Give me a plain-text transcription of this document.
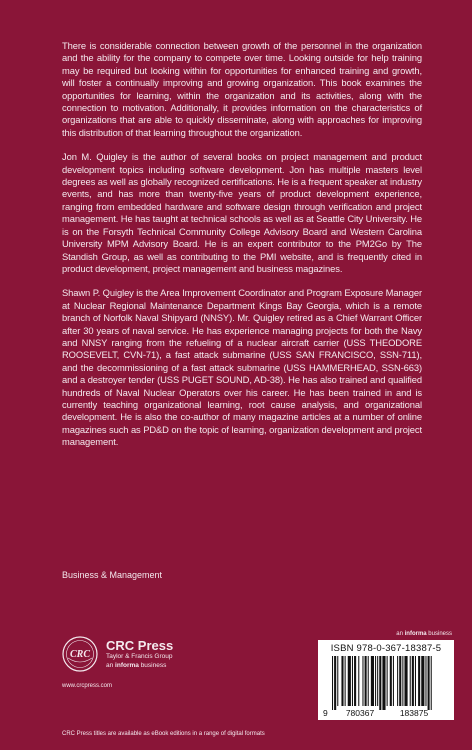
There is considerable connection between growth of the personnel in the organization and the ability for the company to compete over time. Looking outside for help training may be required but looking within for opportunities for enhanced training and growth, will foster a continually improving and growing organization. This book examines the opportunities for learning, within the organization and its activities, along with the connection to motivation. Additionally, it provides information on the characteristics of organizations that are able to quickly disseminate, along with approaches for improving this distribution of that learning throughout the organization.

Jon M. Quigley is the author of several books on project management and product development topics including software development. Jon has multiple masters level degrees as well as globally recognized certifications. He is a frequent speaker at industry events, and has more than twenty-five years of product development experience, ranging from embedded hardware and software design through verification and project management. He has taught at technical schools as well as at Seattle City University. He is on the Forsyth Technical Community College Advisory Board and Western Carolina University MPM Advisory Board. He is an expert contributor to the PM2Go by The Standish Group, as well as contributing to the PMI website, and is frequently cited in product development, project management and business magazines.

Shawn P. Quigley is the Area Improvement Coordinator and Program Exposure Manager at Nuclear Regional Maintenance Department Kings Bay Georgia, which is a remote branch of Norfolk Naval Shipyard (NNSY). Mr. Quigley retired as a Chief Warrant Officer after 30 years of naval service. He has experience managing projects for both the Navy and NNSY ranging from the refueling of a nuclear aircraft carrier (USS THEODORE ROOSEVELT, CVN-71), a fast attack submarine (USS SAN FRANCISCO, SSN-711), and the decommissioning of a fast attack submarine (USS HAMMERHEAD, SSN-663) and a destroyer tender (USS PUGET SOUND, AD-38). He has also trained and qualified hundreds of Naval Nuclear Operators over his career. He has been trained in and is currently teaching organizational learning, root cause analysis, and organizational development. He is also the co-author of many magazine articles at a number of online magazines such as PD&D on the topic of learning, organization development and project management.

Business & Management
CRC
CRC Press
Taylor & Francis Group
an informa business
www.crcpress.com
an informa business
ISBN 978-0-367-18387-5
9 780367	183875
CRC Press titles are available as eBook editions in a range of digital formats
